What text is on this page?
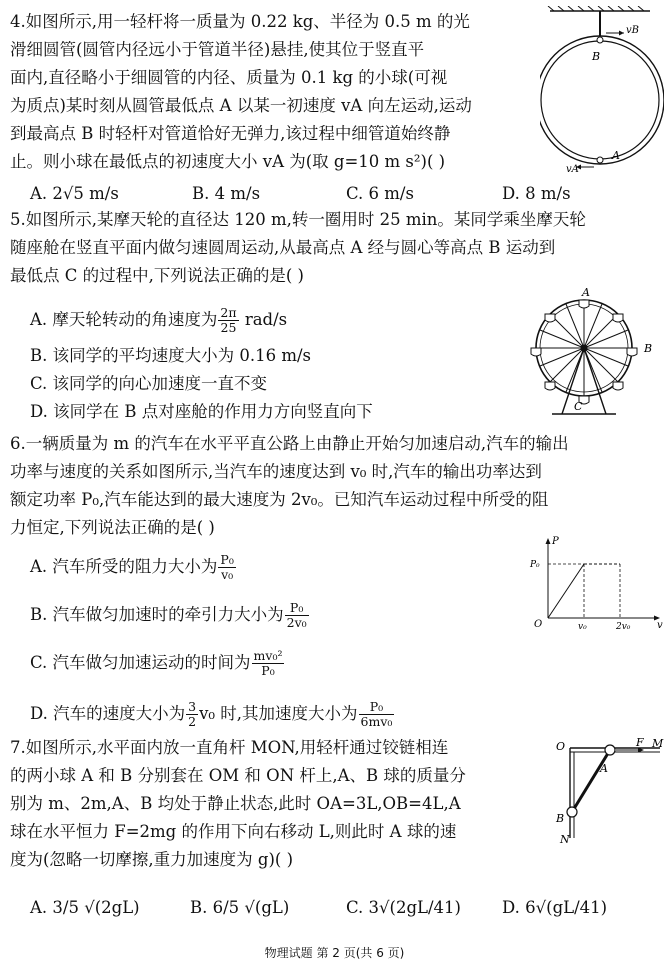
4.如图所示,用一轻杆将一质量为 0.22 kg、半径为 0.5 m 的光
滑细圆管(圆管内径远小于管道半径)悬挂,使其位于竖直平
面内,直径略小于细圆管的内径、质量为 0.1 kg 的小球(可视
为质点)某时刻从圆管最低点 A 以某一初速度 vA 向左运动,运动
到最高点 B 时轻杆对管道恰好无弹力,该过程中细管道始终静
止。则小球在最低点的初速度大小 vA 为(取 g=10 m s²)( )
A. 2√5 m/s	B. 4 m/s	C. 6 m/s	D. 8 m/s
vB
B
A
vA
5.如图所示,某摩天轮的直径达 120 m,转一圈用时 25 min。某同学乘坐摩天轮
随座舱在竖直平面内做匀速圆周运动,从最高点 A 经与圆心等高点 B 运动到
最低点 C 的过程中,下列说法正确的是( )
A. 摩天轮转动的角速度为 $\frac{2\pi}{25} rad/s$
B. 该同学的平均速度大小为 0.16 m/s
C. 该同学的向心加速度一直不变
D. 该同学在 B 点对座舱的作用力方向竖直向下
A
B
C
6.一辆质量为 m 的汽车在水平平直公路上由静止开始匀加速启动,汽车的输出
功率与速度的关系如图所示,当汽车的速度达到 v₀ 时,汽车的输出功率达到
额定功率 P₀,汽车能达到的最大速度为 2v₀。已知汽车运动过程中所受的阻
力恒定,下列说法正确的是( )
A. 汽车所受的阻力大小为 $\frac{\text{P₀}}{\text{v₀}}$
B. 汽车做匀加速时的牵引力大小为 $\frac{\text{P₀}}{\text{2v₀}}$
C. 汽车做匀加速运动的时间为 $\frac{\text{mv₀²}}{\text{P₀}}$
D. 汽车的速度大小为 $\frac{3}{2} v_0$ 时,其加速度大小为 $\frac{\text{P₀}}{\text{6mv₀}}$
P
v
O	v₀	2v₀
P₀
7.如图所示,水平面内放一直角杆 MON,用轻杆通过铰链相连
的两小球 A 和 B 分别套在 OM 和 ON 杆上,A、B 球的质量分
别为 m、2m,A、B 均处于静止状态,此时 OA=3L,OB=4L,A
球在水平恒力 F=2mg 的作用下向右移动 L,则此时 A 球的速
度为(忽略一切摩擦,重力加速度为 g)( )
A. 3/5 √(2gL)	B. 6/5 √(gL)	C. 3√(2gL/41) D. 6√(gL/41)
O	F M
A
B
N
物理试题 第 2 页(共 6 页)
